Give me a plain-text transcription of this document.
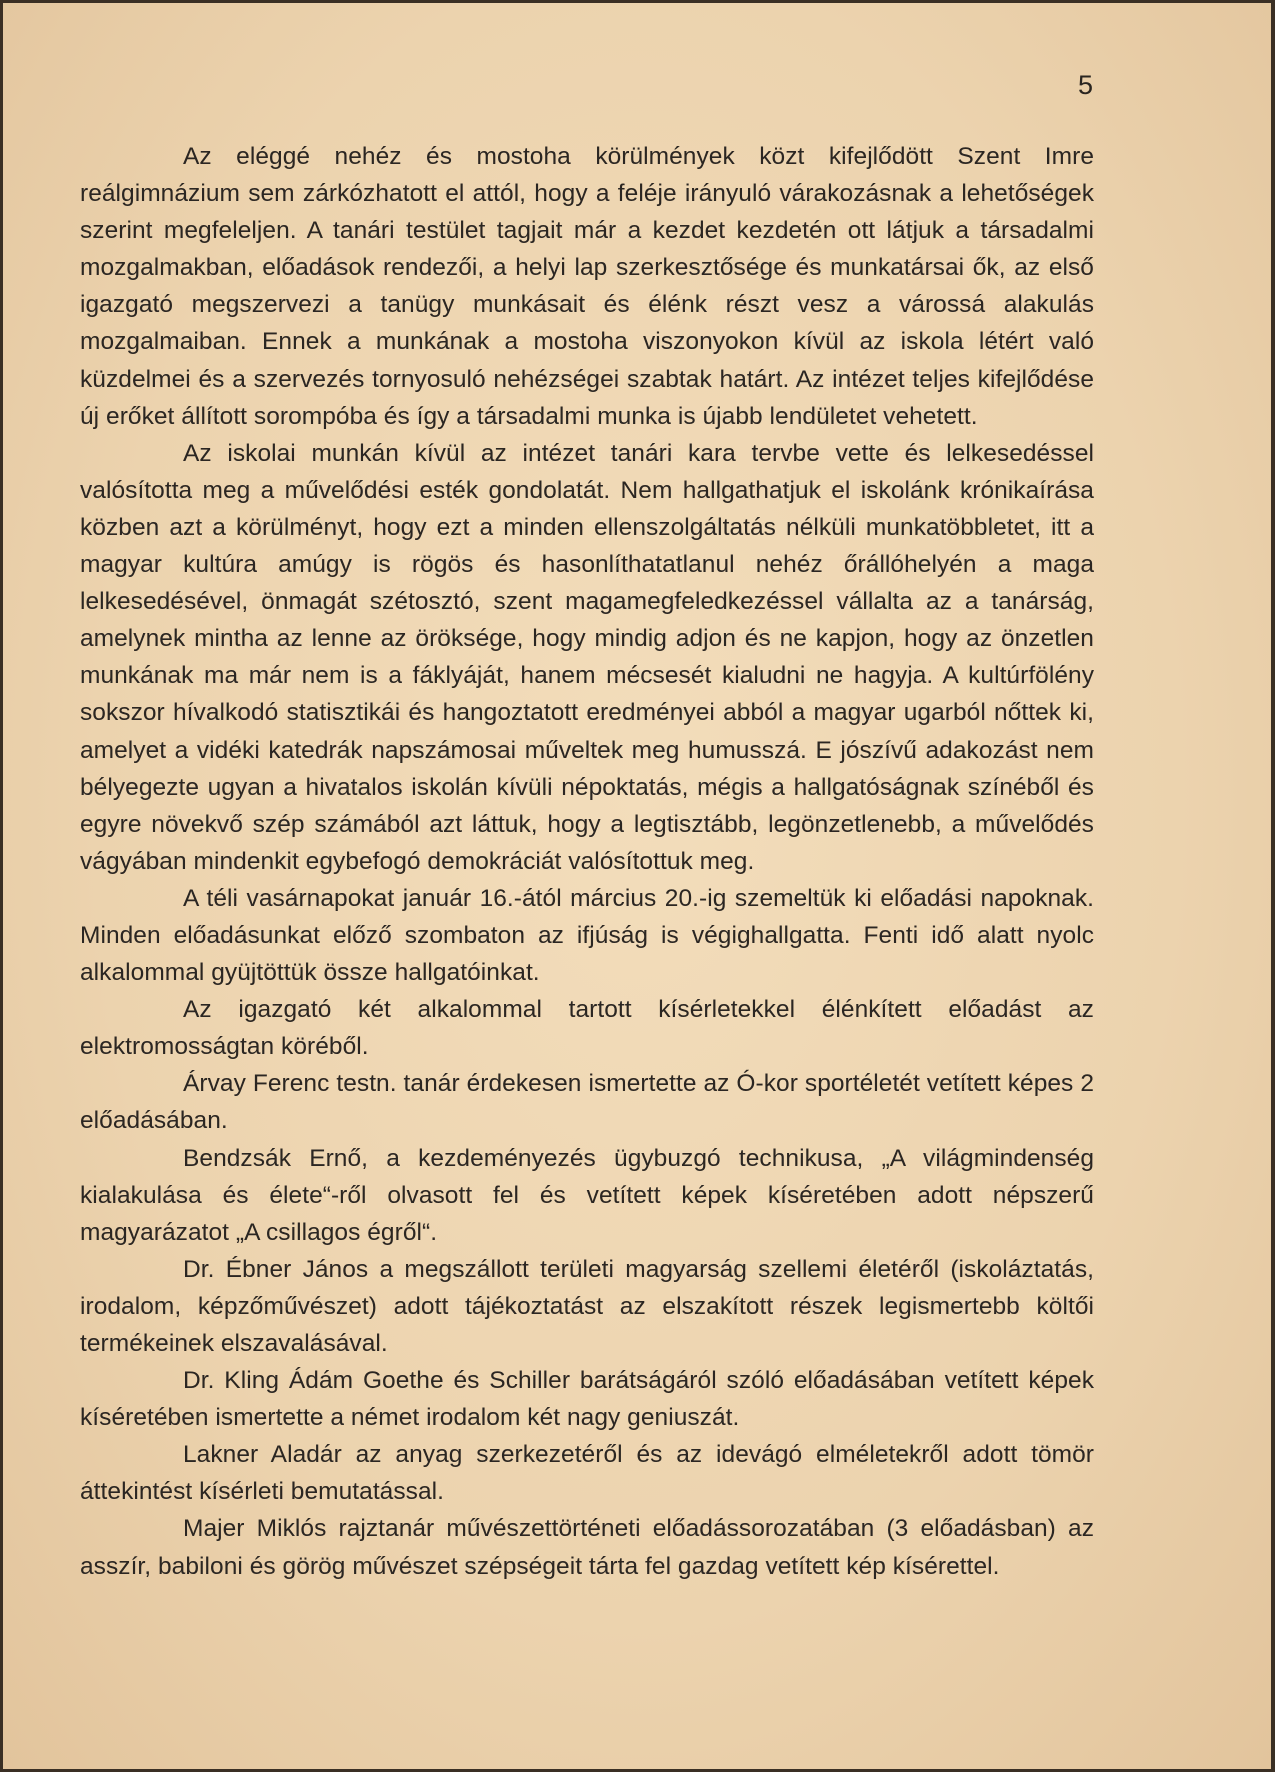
5

Az eléggé nehéz és mostoha körülmények közt kifejlődött Szent Imre reálgimnázium sem zárkózhatott el attól, hogy a feléje irányuló várakozásnak a lehetőségek szerint megfeleljen. A tanári testület tagjait már a kezdet kezdetén ott látjuk a társadalmi mozgalmakban, előadások rendezői, a helyi lap szerkesztősége és munkatársai ők, az első igazgató megszervezi a tanügy munkásait és élénk részt vesz a várossá alakulás mozgalmaiban. Ennek a munkának a mostoha viszonyokon kívül az iskola létért való küzdelmei és a szervezés tornyosuló nehézségei szabtak határt. Az intézet teljes kifejlődése új erőket állított sorompóba és így a társadalmi munka is újabb lendületet vehetett.

Az iskolai munkán kívül az intézet tanári kara tervbe vette és lelkesedéssel valósította meg a művelődési esték gondolatát. Nem hallgathatjuk el iskolánk krónikaírása közben azt a körülményt, hogy ezt a minden ellenszolgáltatás nélküli munkatöbbletet, itt a magyar kultúra amúgy is rögös és hasonlíthatatlanul nehéz őrállóhelyén a maga lelkesedésével, önmagát szétosztó, szent magamegfeledkezéssel vállalta az a tanárság, amelynek mintha az lenne az öröksége, hogy mindig adjon és ne kapjon, hogy az önzetlen munkának ma már nem is a fáklyáját, hanem mécsesét kialudni ne hagyja. A kultúrfölény sokszor hívalkodó statisztikái és hangoztatott eredményei abból a magyar ugarból nőttek ki, amelyet a vidéki katedrák napszámosai műveltek meg humusszá. E jószívű adakozást nem bélyegezte ugyan a hivatalos iskolán kívüli népoktatás, mégis a hallgatóságnak színéből és egyre növekvő szép számából azt láttuk, hogy a legtisztább, legönzetlenebb, a művelődés vágyában mindenkit egybefogó demokráciát valósítottuk meg.

A téli vasárnapokat január 16.-ától március 20.-ig szemeltük ki előadási napoknak. Minden előadásunkat előző szombaton az ifjúság is végighallgatta. Fenti idő alatt nyolc alkalommal gyüjtöttük össze hallgatóinkat.

Az igazgató két alkalommal tartott kísérletekkel élénkített előadást az elektromosságtan köréből.

Árvay Ferenc testn. tanár érdekesen ismertette az Ó-kor sportéletét vetített képes 2 előadásában.

Bendzsák Ernő, a kezdeményezés ügybuzgó technikusa, „A világmindenség kialakulása és élete“-ről olvasott fel és vetített képek kíséretében adott népszerű magyarázatot „A csillagos égről“.

Dr. Ébner János a megszállott területi magyarság szellemi életéről (iskoláztatás, irodalom, képzőművészet) adott tájékoztatást az elszakított részek legismertebb költői termékeinek elszavalásával.

Dr. Kling Ádám Goethe és Schiller barátságáról szóló előadásában vetített képek kíséretében ismertette a német irodalom két nagy geniuszát.

Lakner Aladár az anyag szerkezetéről és az idevágó elméletekről adott tömör áttekintést kísérleti bemutatással.

Majer Miklós rajztanár művészettörténeti előadássorozatában (3 előadásban) az asszír, babiloni és görög művészet szépségeit tárta fel gazdag vetített kép kísérettel.
